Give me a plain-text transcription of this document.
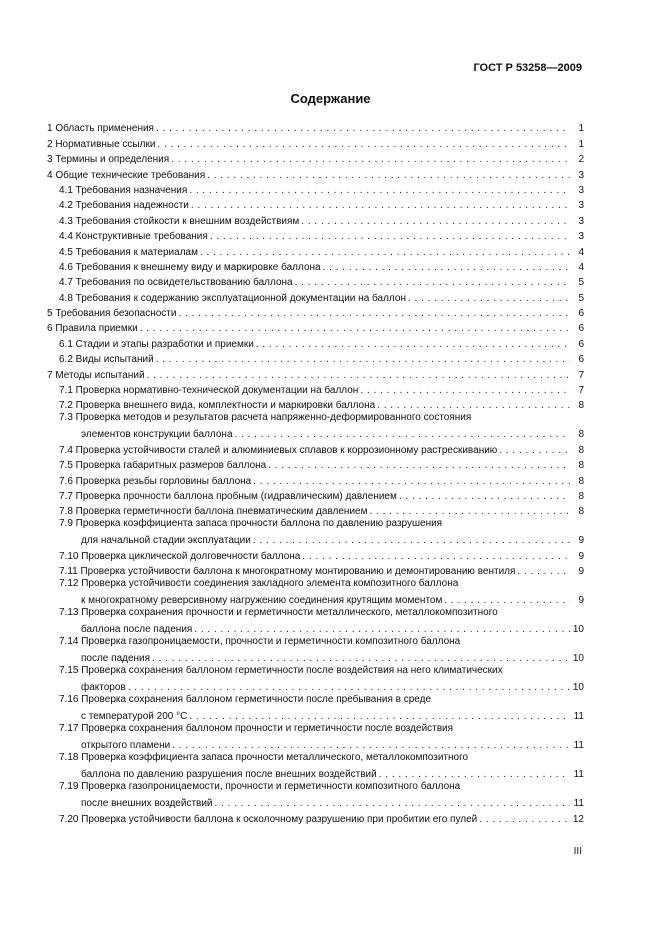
ГОСТ Р 53258—2009
Содержание
1 Область применения . . .	1
2 Нормативные ссылки . . .	1
3 Термины и определения . . .	2
4 Общие технические требования . . .	3
4.1 Требования назначения . . .	3
4.2 Требования надежности . . .	3
4.3 Требования стойкости к внешним воздействиям . . .	3
4.4 Конструктивные требования . . .	3
4.5 Требования к материалам . . .	4
4.6 Требования к внешнему виду и маркировке баллона . . .	4
4.7 Требования по освидетельствованию баллона . . .	5
4.8 Требования к содержанию эксплуатационной документации на баллон . . .	5
5 Требования безопасности . . .	6
6 Правила приемки . . .	6
6.1 Стадии и этапы разработки и приемки . . .	6
6.2 Виды испытаний . . .	6
7 Методы испытаний . . .	7
7.1 Проверка нормативно-технической документации на баллон . . .	7
7.2 Проверка внешнего вида, комплектности и маркировки баллона . . .	8
7.3 Проверка методов и результатов расчета напряженно-деформированного состояния
элементов конструкции баллона . . .	8
7.4 Проверка устойчивости сталей и алюминиевых сплавов к коррозионному растрескиванию . . .	8
7.5 Проверка габаритных размеров баллона . . .	8
7.6 Проверка резьбы горловины баллона . . .	8
7.7 Проверка прочности баллона пробным (гидравлическим) давлением . . .	8
7.8 Проверка герметичности баллона пневматическим давлением . . .	8
7.9 Проверка коэффициента запаса прочности баллона по давлению разрушения
для начальной стадии эксплуатации . . .	9
7.10 Проверка циклической долговечности баллона . . .	9
7.11 Проверка устойчивости баллона к многократному монтированию и демонтированию вентиля . . .	9
7.12 Проверка устойчивости соединения закладного элемента композитного баллона
к многократному реверсивному нагружению соединения крутящим моментом . . .	9
7.13 Проверка сохранения прочности и герметичности металлического, металлокомпозитного
баллона после падения . . .	10
7.14 Проверка газопроницаемости, прочности и герметичности композитного баллона
после падения . . .	10
7.15 Проверка сохранения баллоном герметичности после воздействия на него климатических
факторов . . .	10
7.16 Проверка сохранения баллоном герметичности после пребывания в среде
с температурой 200 °C . . .	11
7.17 Проверка сохранения баллоном прочности и герметичности после воздействия
открытого пламени . . .	11
7.18 Проверка коэффициента запаса прочности металлического, металлокомпозитного
баллона по давлению разрушения после внешних воздействий . . .	11
7.19 Проверка газопроницаемости, прочности и герметичности композитного баллона
после внешних воздействий . . .	11
7.20 Проверка устойчивости баллона к осколочному разрушению при пробитии его пулей . . .	12
III
